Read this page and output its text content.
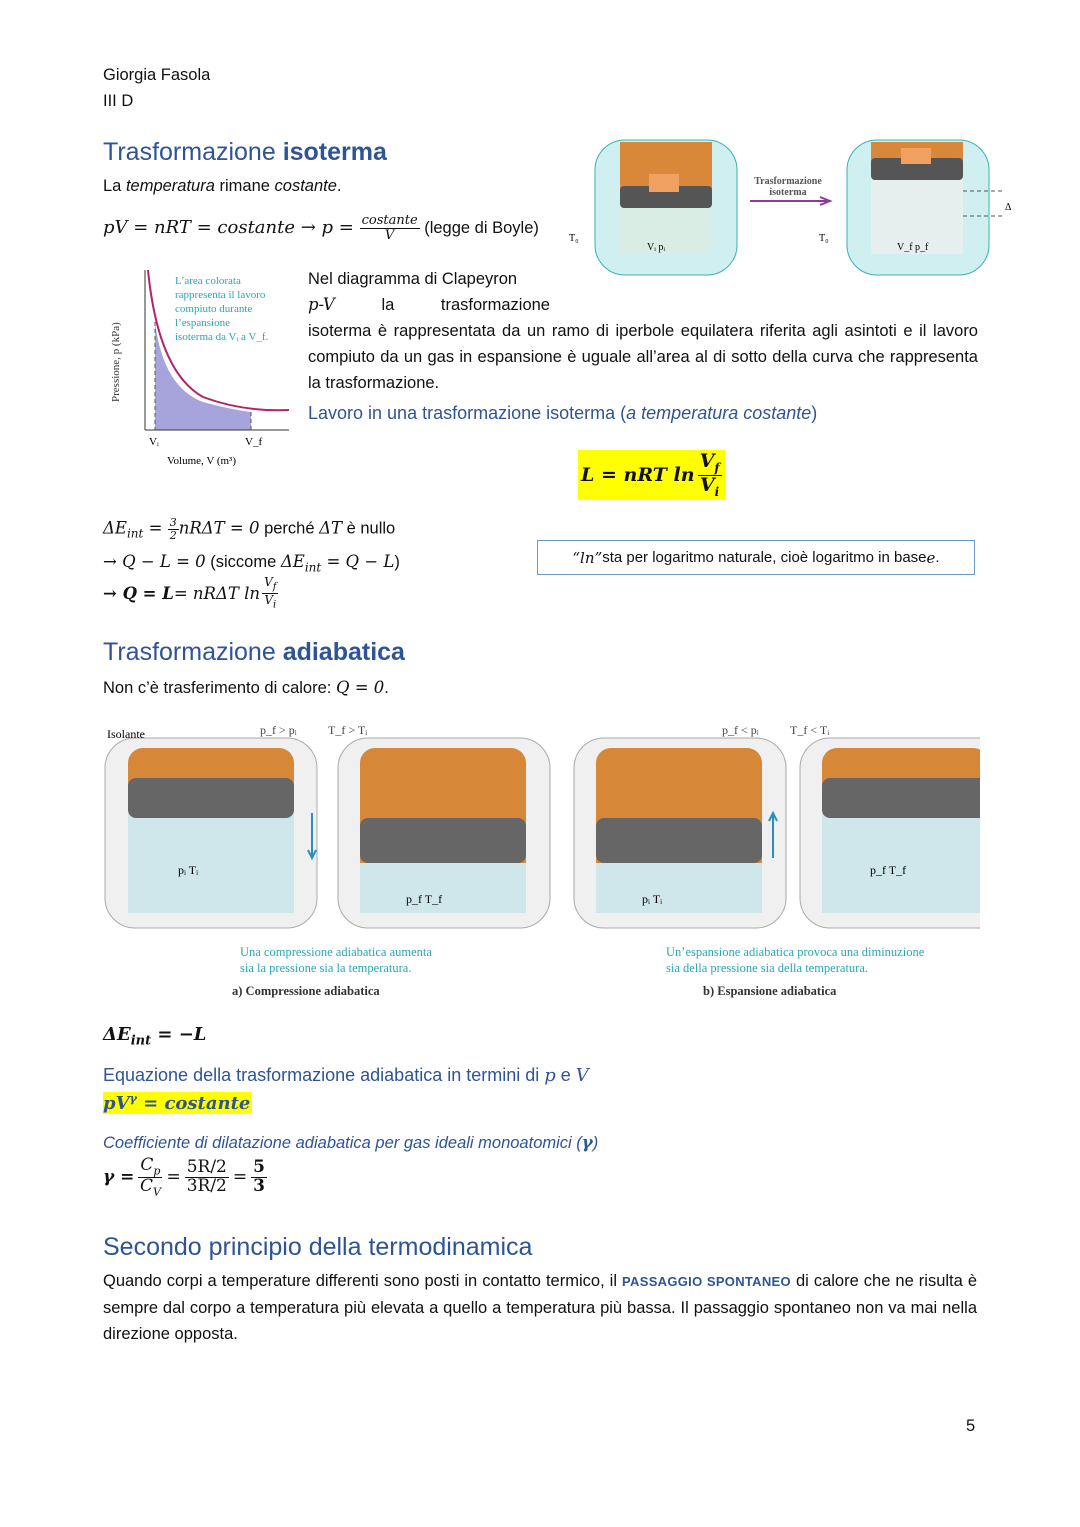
Giorgia Fasola
III D
Trasformazione isoterma
La temperatura rimane costante.
pV = nRT = costante → $p = \frac{\text{costante}}{V}$ (legge di Boyle)
L’area colorata
rappresenta il lavoro
compiuto durante
l’espansione
isoterma da Vᵢ a V_f.
Pressione, p (kPa)
Vᵢ	V_f
Volume, V (m³)
Vᵢ pᵢ
T₀
Trasformazione
isoterma
V_f p_f
T₀
Δ
Nel diagramma di Clapeyron
p-V	la	trasformazione
isoterma è rappresentata da un ramo di iperbole equilatera riferita agli asintoti e il lavoro compiuto da un gas in espansione è uguale all’area al di sotto della curva che rappresenta la trasformazione.
Lavoro in una trasformazione isoterma (a temperatura costante)
L = nRT $\ln \frac{V_f}{V_i}$
$\Delta E_{int} = \frac{3}{2}$ nRΔT = 0 perché ΔT è nullo
→ Q − L = 0 (siccome $\Delta E_{int} = Q - L$)
→ Q = L = nRΔT $\ln \frac{V_f}{V_i}$
“ln” sta per logaritmo naturale, cioè logaritmo in base e .
Trasformazione adiabatica
Non c’è trasferimento di calore: Q = 0.
Isolante	p_f > pᵢ	T_f > Tᵢ	p_f < pᵢ	T_f < Tᵢ
pᵢ Tᵢ
p_f T_f	pᵢ Tᵢ
p_f T_f
Una compressione adiabatica aumenta
sia la pressione sia la temperatura.
a) Compressione adiabatica
Un’espansione adiabatica provoca una diminuzione
sia della pressione sia della temperatura.
b) Espansione adiabatica
$\Delta E_{int} = -L$
Equazione della trasformazione adiabatica in termini di p e V
$pV^\gamma$ = costante
Coefficiente di dilatazione adiabatica per gas ideali monoatomici (γ)
$\gamma = \frac{C_p}{C_V} = \frac{5R/2}{3R/2} = \frac{5}{3}$
Secondo principio della termodinamica
Quando corpi a temperature differenti sono posti in contatto termico, il PASSAGGIO SPONTANEO di calore che ne risulta è sempre dal corpo a temperatura più elevata a quello a temperatura più bassa. Il passaggio spontaneo non va mai nella direzione opposta.
5
